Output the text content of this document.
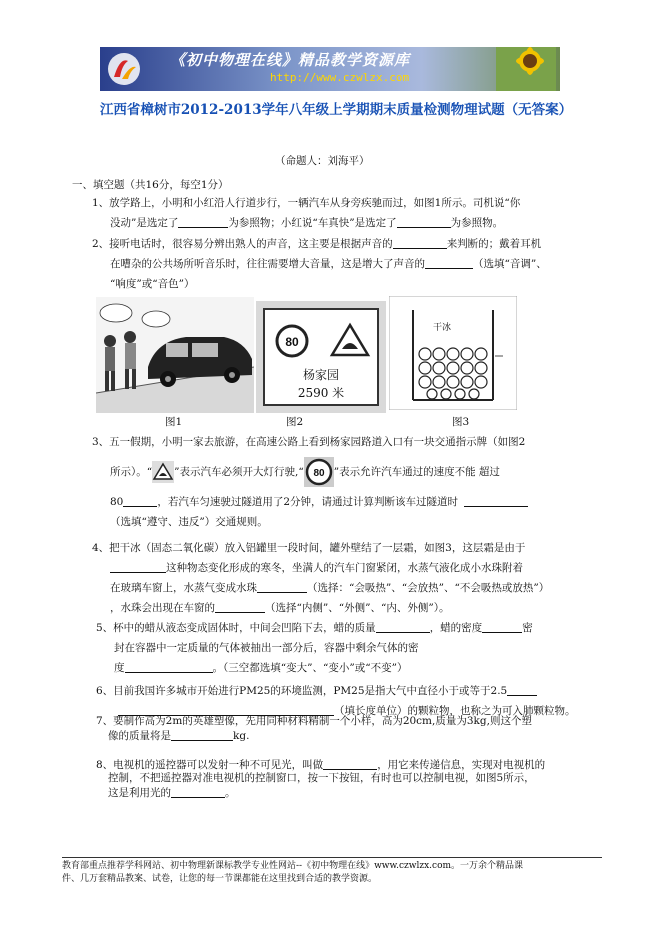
《初中物理在线》精品教学资源库
http://www.czwlzx.com
江西省樟树市2012-2013学年八年级上学期期末质量检测物理试题（无答案）
（命题人：刘海平）
一、填空题（共16分，每空1分）
1、放学路上，小明和小红沿人行道步行，一辆汽车从身旁疾驰而过，如图1所示。司机说“你
没动”是选定了	为参照物；小红说“车真快”是选定了	为参照物。
2、接听电话时，很容易分辨出熟人的声音，这主要是根据声音的	来判断的；戴着耳机
在嘈杂的公共场所听音乐时，往往需要增大音量，这是增大了声音的	（选填“音调”、
“响度”或“音色”）
80
杨家园
2590 米
干冰
图1	图2	图3
3、五一假期，小明一家去旅游，在高速公路上看到杨家园路道入口有一块交通指示牌（如图2
所示）。“ ”表示汽车必须开大灯行驶,“ 80 ”表示允许汽车通过的速度不能 超过
80	，若汽车匀速驶过隧道用了2分钟，请通过计算判断该车过隧道时
（选填“遵守、违反”）交通规则。
4、把干冰（固态二氧化碳）放入铝罐里一段时间，罐外壁结了一层霜，如图3，这层霜是由于
这种物态变化形成的寒冬，坐满人的汽车门窗紧闭，水蒸气液化成小水珠附着
在玻璃车窗上，水蒸气变成水珠	（选择：“会吸热”、“会放热”、“不会吸热或放热”）
，水珠会出现在车窗的	（选择“内侧”、“外侧”、“内、外侧”）。
5、杯中的蜡从液态变成固体时，中间会凹陷下去，蜡的质量	，蜡的密度	密
封在容器中一定质量的气体被抽出一部分后，容器中剩余气体的密
度	。（三空都选填“变大”、“变小”或“不变”）
6、目前我国许多城市开始进行PM25的环境监测，PM25是指大气中直径小于或等于2.5
（填长度单位）的颗粒物，也称之为可入肺颗粒物。
7、要制作高为2m的英雄塑像，先用同种材料精制一个小样，高为20cm,质量为3kg,则这个塑
像的质量将是	kg.
8、电视机的遥控器可以发射一种不可见光，叫做	，用它来传递信息，实现对电视机的
控制，不把遥控器对准电视机的控制窗口，按一下按钮，有时也可以控制电视，如图5所示，
这是利用光的	。
教育部重点推荐学科网站、初中物理新课标教学专业性网站--《初中物理在线》www.czwlzx.com。一万余个精品课
件、几万套精品教案、试卷，让您的每一节课都能在这里找到合适的教学资源。
